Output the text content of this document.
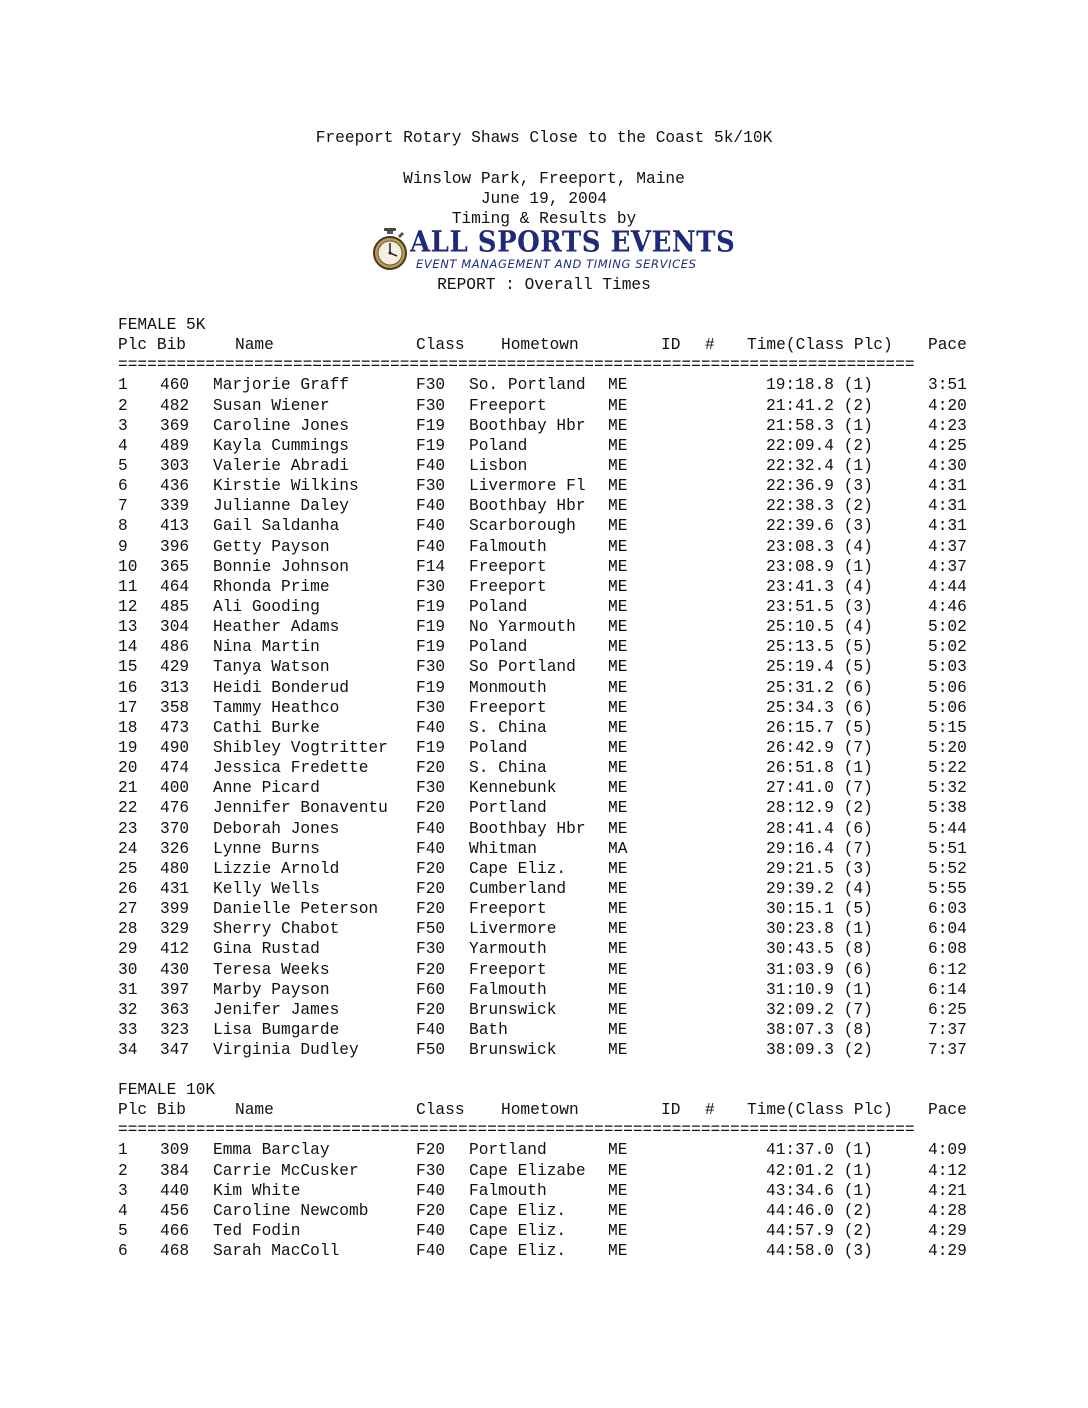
Freeport Rotary Shaws Close to the Coast 5k/10K
Winslow Park, Freeport, Maine
June 19, 2004
Timing & Results by
ALL SPORTS EVENTS
EVENT MANAGEMENT AND TIMING SERVICES
REPORT : Overall Times
FEMALE 5K
Plc Bib	Name	Class Hometown	ID # Time(Class Plc) Pace
==================================================================================
1 460 Marjorie Graff	F30 So. Portland ME	19:18.8 (1)	3:51
2 482 Susan Wiener	F30 Freeport	ME	21:41.2 (2)	4:20
3 369 Caroline Jones	F19 Boothbay Hbr ME	21:58.3 (1)	4:23
4 489 Kayla Cummings	F19 Poland	ME	22:09.4 (2)	4:25
5 303 Valerie Abradi	F40 Lisbon	ME	22:32.4 (1)	4:30
6 436 Kirstie Wilkins	F30 Livermore Fl ME	22:36.9 (3)	4:31
7 339 Julianne Daley	F40 Boothbay Hbr ME	22:38.3 (2)	4:31
8 413 Gail Saldanha	F40 Scarborough ME	22:39.6 (3)	4:31
9 396 Getty Payson	F40 Falmouth	ME	23:08.3 (4)	4:37
10 365 Bonnie Johnson	F14 Freeport	ME	23:08.9 (1)	4:37
11 464 Rhonda Prime	F30 Freeport	ME	23:41.3 (4)	4:44
12 485 Ali Gooding	F19 Poland	ME	23:51.5 (3)	4:46
13 304 Heather Adams	F19 No Yarmouth ME	25:10.5 (4)	5:02
14 486 Nina Martin	F19 Poland	ME	25:13.5 (5)	5:02
15 429 Tanya Watson	F30 So Portland ME	25:19.4 (5)	5:03
16 313 Heidi Bonderud	F19 Monmouth	ME	25:31.2 (6)	5:06
17 358 Tammy Heathco	F30 Freeport	ME	25:34.3 (6)	5:06
18 473 Cathi Burke	F40 S. China	ME	26:15.7 (5)	5:15
19 490 Shibley Vogtritter F19 Poland	ME	26:42.9 (7)	5:20
20 474 Jessica Fredette	F20 S. China	ME	26:51.8 (1)	5:22
21 400 Anne Picard	F30 Kennebunk	ME	27:41.0 (7)	5:32
22 476 Jennifer Bonaventu F20 Portland	ME	28:12.9 (2)	5:38
23 370 Deborah Jones	F40 Boothbay Hbr ME	28:41.4 (6)	5:44
24 326 Lynne Burns	F40 Whitman	MA	29:16.4 (7)	5:51
25 480 Lizzie Arnold	F20 Cape Eliz.	ME	29:21.5 (3)	5:52
26 431 Kelly Wells	F20 Cumberland	ME	29:39.2 (4)	5:55
27 399 Danielle Peterson F20 Freeport	ME	30:15.1 (5)	6:03
28 329 Sherry Chabot	F50 Livermore	ME	30:23.8 (1)	6:04
29 412 Gina Rustad	F30 Yarmouth	ME	30:43.5 (8)	6:08
30 430 Teresa Weeks	F20 Freeport	ME	31:03.9 (6)	6:12
31 397 Marby Payson	F60 Falmouth	ME	31:10.9 (1)	6:14
32 363 Jenifer James	F20 Brunswick	ME	32:09.2 (7)	6:25
33 323 Lisa Bumgarde	F40 Bath	ME	38:07.3 (8)	7:37
34 347 Virginia Dudley	F50 Brunswick	ME	38:09.3 (2)	7:37
FEMALE 10K
Plc Bib	Name	Class Hometown	ID # Time(Class Plc) Pace
==================================================================================
1 309 Emma Barclay	F20 Portland	ME	41:37.0 (1)	4:09
2 384 Carrie McCusker	F30 Cape Elizabe ME	42:01.2 (1)	4:12
3 440 Kim White	F40 Falmouth	ME	43:34.6 (1)	4:21
4 456 Caroline Newcomb	F20 Cape Eliz.	ME	44:46.0 (2)	4:28
5 466 Ted Fodin	F40 Cape Eliz.	ME	44:57.9 (2)	4:29
6 468 Sarah MacColl	F40 Cape Eliz.	ME	44:58.0 (3)	4:29
